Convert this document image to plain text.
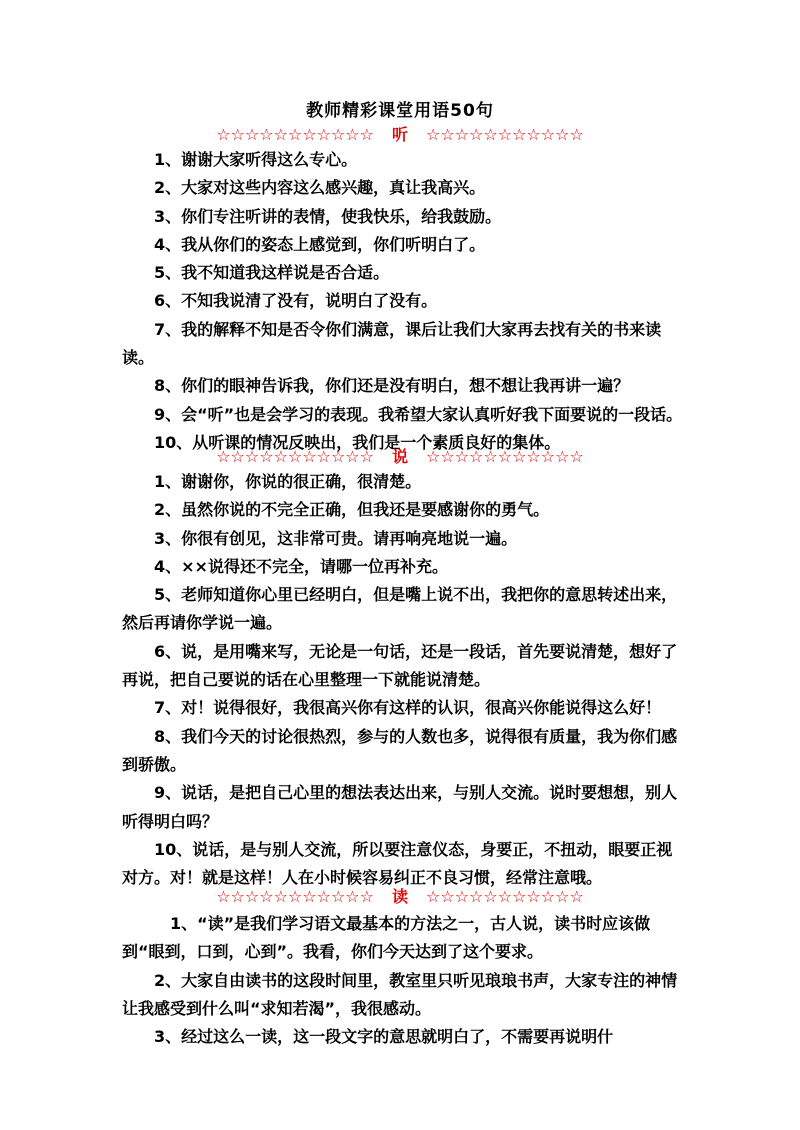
教师精彩课堂用语50句
☆☆☆☆☆☆☆☆☆☆☆ 听 ☆☆☆☆☆☆☆☆☆☆☆

1、谢谢大家听得这么专心。

2、大家对这些内容这么感兴趣，真让我高兴。

3、你们专注听讲的表情，使我快乐，给我鼓励。

4、我从你们的姿态上感觉到，你们听明白了。

5、我不知道我这样说是否合适。

6、不知我说清了没有，说明白了没有。

7、我的解释不知是否令你们满意，课后让我们大家再去找有关的书来读读。

8、你们的眼神告诉我，你们还是没有明白，想不想让我再讲一遍？

9、会“听”也是会学习的表现。我希望大家认真听好我下面要说的一段话。

10、从听课的情况反映出，我们是一个素质良好的集体。

☆☆☆☆☆☆☆☆☆☆☆ 说 ☆☆☆☆☆☆☆☆☆☆☆

1、谢谢你，你说的很正确，很清楚。

2、虽然你说的不完全正确，但我还是要感谢你的勇气。

3、你很有创见，这非常可贵。请再响亮地说一遍。

4、××说得还不完全，请哪一位再补充。

5、老师知道你心里已经明白，但是嘴上说不出，我把你的意思转述出来，然后再请你学说一遍。

6、说，是用嘴来写，无论是一句话，还是一段话，首先要说清楚，想好了再说，把自己要说的话在心里整理一下就能说清楚。

7、对！说得很好，我很高兴你有这样的认识，很高兴你能说得这么好！

8、我们今天的讨论很热烈，参与的人数也多，说得很有质量，我为你们感到骄傲。

9、说话，是把自己心里的想法表达出来，与别人交流。说时要想想，别人听得明白吗？

10、说话，是与别人交流，所以要注意仪态，身要正，不扭动，眼要正视对方。对！就是这样！人在小时候容易纠正不良习惯，经常注意哦。

☆☆☆☆☆☆☆☆☆☆☆ 读 ☆☆☆☆☆☆☆☆☆☆☆

1、“读”是我们学习语文最基本的方法之一，古人说，读书时应该做到“眼到，口到，心到”。我看，你们今天达到了这个要求。

2、大家自由读书的这段时间里，教室里只听见琅琅书声，大家专注的神情让我感受到什么叫“求知若渴”，我很感动。

3、经过这么一读，这一段文字的意思就明白了，不需要再说明什
